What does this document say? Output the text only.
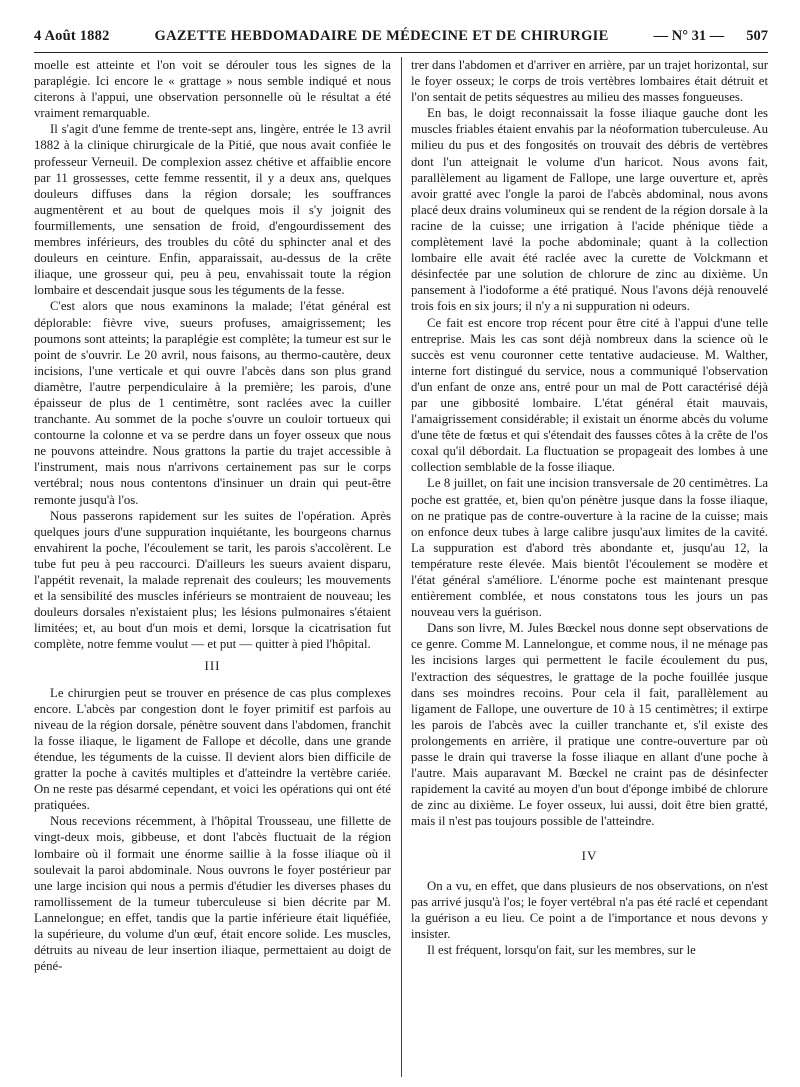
4 Août 1882	GAZETTE HEBDOMADAIRE DE MÉDECINE ET DE CHIRURGIE	— N° 31 — 507

moelle est atteinte et l'on voit se dérouler tous les signes de la paraplégie. Ici encore le « grattage » nous semble indiqué et nous citerons à l'appui, une observation personnelle où le résultat a été vraiment remarquable.

Il s'agit d'une femme de trente-sept ans, lingère, entrée le 13 avril 1882 à la clinique chirurgicale de la Pitié, que nous avait confiée le professeur Verneuil. De complexion assez chétive et affaiblie encore par 11 grossesses, cette femme ressentit, il y a deux ans, quelques douleurs diffuses dans la région dorsale; les souffrances augmentèrent et au bout de quelques mois il s'y joignit des fourmillements, une sensation de froid, d'engourdissement des membres inférieurs, des troubles du côté du sphincter anal et des douleurs en ceinture. Enfin, apparaissait, au-dessus de la crête iliaque, une grosseur qui, peu à peu, envahissait toute la région lombaire et descendait jusque sous les téguments de la fesse.

C'est alors que nous examinons la malade; l'état général est déplorable: fièvre vive, sueurs profuses, amaigrissement; les poumons sont atteints; la paraplégie est complète; la tumeur est sur le point de s'ouvrir. Le 20 avril, nous faisons, au thermo-cautère, deux incisions, l'une verticale et qui ouvre l'abcès dans son plus grand diamètre, l'autre perpendiculaire à la première; les parois, d'une épaisseur de plus de 1 centimètre, sont raclées avec la cuiller tranchante. Au sommet de la poche s'ouvre un couloir tortueux qui contourne la colonne et va se perdre dans un foyer osseux que nous ne pouvons atteindre. Nous grattons la partie du trajet accessible à l'instrument, mais nous n'arrivons certainement pas sur le corps vertébral; nous nous contentons d'insinuer un drain qui peut-être remonte jusqu'à l'os.

Nous passerons rapidement sur les suites de l'opération. Après quelques jours d'une suppuration inquiétante, les bourgeons charnus envahirent la poche, l'écoulement se tarit, les parois s'accolèrent. Le tube fut peu à peu raccourci. D'ailleurs les sueurs avaient disparu, l'appétit revenait, la malade reprenait des couleurs; les mouvements et la sensibilité des muscles inférieurs se montraient de nouveau; les douleurs dorsales n'existaient plus; les lésions pulmonaires s'étaient limitées; et, au bout d'un mois et demi, lorsque la cicatrisation fut complète, notre femme voulut — et put — quitter à pied l'hôpital.

III

Le chirurgien peut se trouver en présence de cas plus complexes encore. L'abcès par congestion dont le foyer primitif est parfois au niveau de la région dorsale, pénètre souvent dans l'abdomen, franchit la fosse iliaque, le ligament de Fallope et décolle, dans une grande étendue, les téguments de la cuisse. Il devient alors bien difficile de gratter la poche à cavités multiples et d'atteindre la vertèbre cariée. On ne reste pas désarmé cependant, et voici les opérations qui ont été pratiquées.

Nous recevions récemment, à l'hôpital Trousseau, une fillette de vingt-deux mois, gibbeuse, et dont l'abcès fluctuait de la région lombaire où il formait une énorme saillie à la fosse iliaque où il soulevait la paroi abdominale. Nous ouvrons le foyer postérieur par une large incision qui nous a permis d'étudier les diverses phases du ramollissement de la tumeur tuberculeuse si bien décrite par M. Lannelongue; en effet, tandis que la partie inférieure était liquéfiée, la supérieure, du volume d'un œuf, était encore solide. Les muscles, détruits au niveau de leur insertion iliaque, permettaient au doigt de péné-

trer dans l'abdomen et d'arriver en arrière, par un trajet horizontal, sur le foyer osseux; le corps de trois vertèbres lombaires était détruit et l'on sentait de petits séquestres au milieu des masses fongueuses.

En bas, le doigt reconnaissait la fosse iliaque gauche dont les muscles friables étaient envahis par la néoformation tuberculeuse. Au milieu du pus et des fongosités on trouvait des débris de vertèbres dont l'un atteignait le volume d'un haricot. Nous avons fait, parallèlement au ligament de Fallope, une large ouverture et, après avoir gratté avec l'ongle la paroi de l'abcès abdominal, nous avons placé deux drains volumineux qui se rendent de la région dorsale à la racine de la cuisse; une irrigation à l'acide phénique tiède a complètement lavé la poche abdominale; quant à la collection lombaire elle avait été raclée avec la curette de Volckmann et désinfectée par une solution de chlorure de zinc au dixième. Un pansement à l'iodoforme a été pratiqué. Nous l'avons déjà renouvelé trois fois en six jours; il n'y a ni suppuration ni odeurs.

Ce fait est encore trop récent pour être cité à l'appui d'une telle entreprise. Mais les cas sont déjà nombreux dans la science où le succès est venu couronner cette tentative audacieuse. M. Walther, interne fort distingué du service, nous a communiqué l'observation d'un enfant de onze ans, entré pour un mal de Pott caractérisé déjà par une gibbosité lombaire. L'état général était mauvais, l'amaigrissement considérable; il existait un énorme abcès du volume d'une tête de fœtus et qui s'étendait des fausses côtes à la crête de l'os coxal qu'il débordait. La fluctuation se propageait des lombes à une collection semblable de la fosse iliaque.

Le 8 juillet, on fait une incision transversale de 20 centimètres. La poche est grattée, et, bien qu'on pénètre jusque dans la fosse iliaque, on ne pratique pas de contre-ouverture à la racine de la cuisse; mais on enfonce deux tubes à large calibre jusqu'aux limites de la cavité. La suppuration est d'abord très abondante et, jusqu'au 12, la température reste élevée. Mais bientôt l'écoulement se modère et l'état général s'améliore. L'énorme poche est maintenant presque entièrement comblée, et nous constatons tous les jours un pas nouveau vers la guérison.

Dans son livre, M. Jules Bœckel nous donne sept observations de ce genre. Comme M. Lannelongue, et comme nous, il ne ménage pas les incisions larges qui permettent le facile écoulement du pus, l'extraction des séquestres, le grattage de la poche fouillée jusque dans ses moindres recoins. Pour cela il fait, parallèlement au ligament de Fallope, une ouverture de 10 à 15 centimètres; il extirpe les parois de l'abcès avec la cuiller tranchante et, s'il existe des prolongements en arrière, il pratique une contre-ouverture par où passe le drain qui traverse la fosse iliaque en allant d'une poche à l'autre. Mais auparavant M. Bœckel ne craint pas de désinfecter rapidement la cavité au moyen d'un bout d'éponge imbibé de chlorure de zinc au dixième. Le foyer osseux, lui aussi, doit être bien gratté, mais il n'est pas toujours possible de l'atteindre.

IV

On a vu, en effet, que dans plusieurs de nos observations, on n'est pas arrivé jusqu'à l'os; le foyer vertébral n'a pas été raclé et cependant la guérison a eu lieu. Ce point a de l'importance et nous devons y insister.

Il est fréquent, lorsqu'on fait, sur les membres, sur le
